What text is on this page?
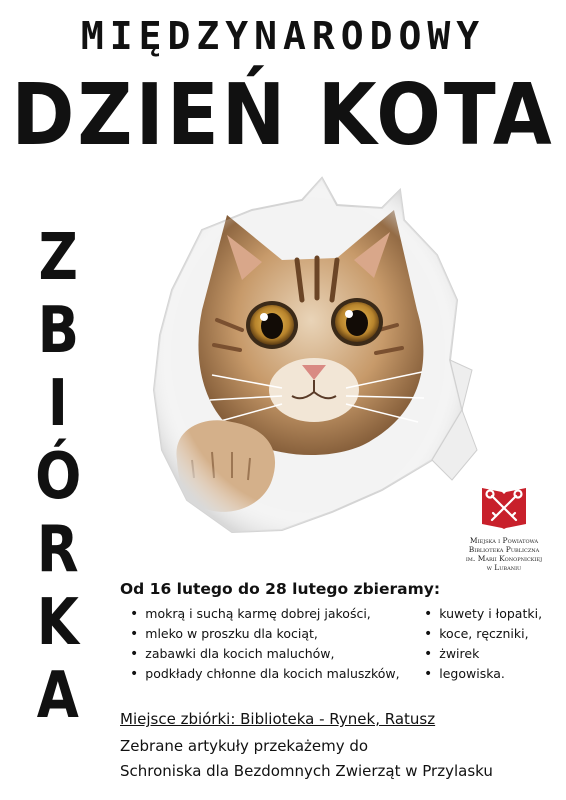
MIĘDZYNARODOWY
DZIEŃ KOTA
Z
B
I
Ó
R
K
A
Miejska i Powiatowa
Biblioteka Publiczna
im. Marii Konopnickiej
w Lubaniu
Od 16 lutego do 28 lutego zbieramy:
• mokrą i suchą karmę dobrej jakości,
• mleko w proszku dla kociąt,
• zabawki dla kocich maluchów,
• podkłady chłonne dla kocich maluszków,
• kuwety i łopatki,
• koce, ręczniki,
• żwirek
• legowiska.
Miejsce zbiórki: Biblioteka - Rynek, Ratusz
Zebrane artykuły przekażemy do
Schroniska dla Bezdomnych Zwierząt w Przylasku
